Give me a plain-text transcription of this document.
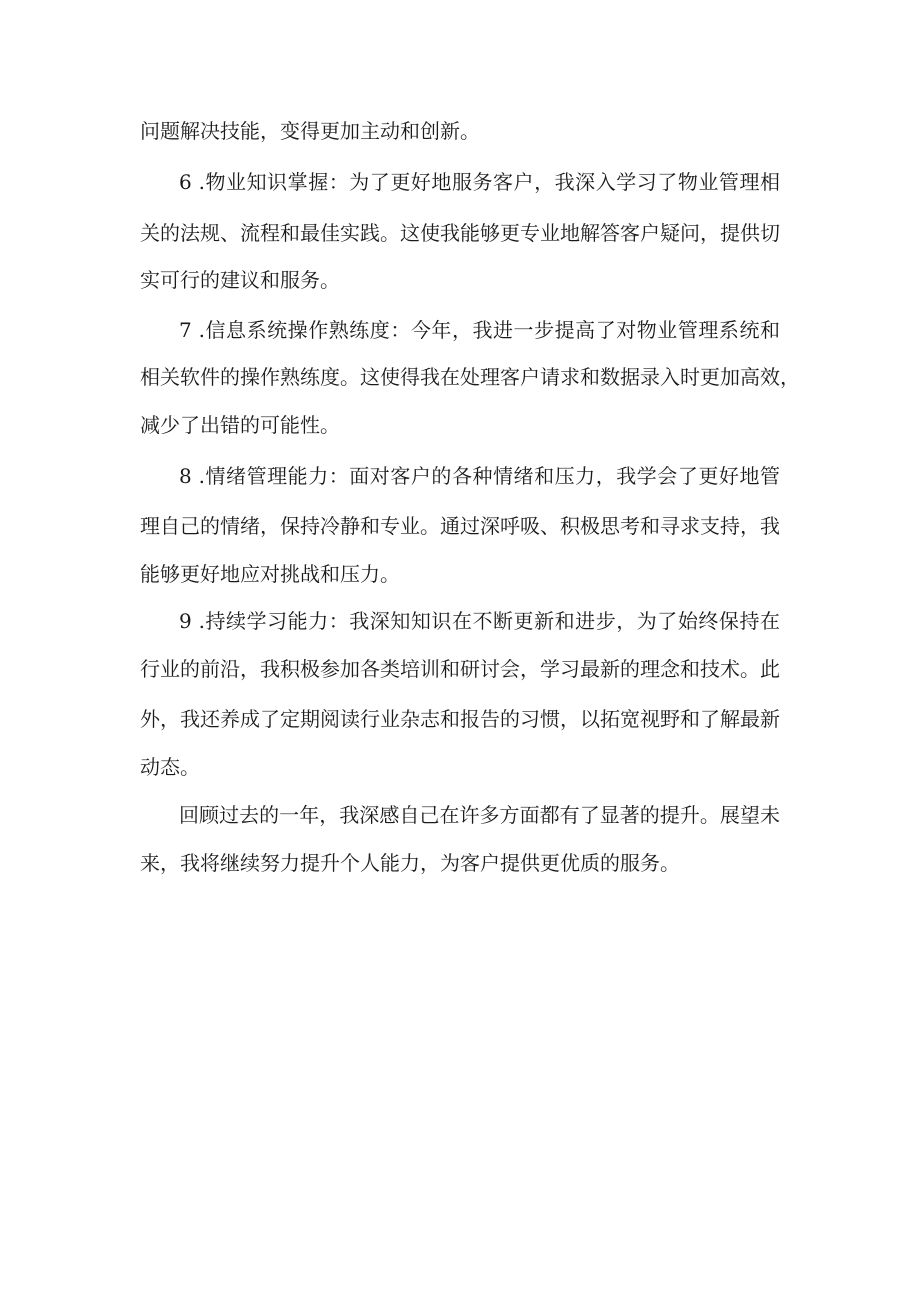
问题解决技能，变得更加主动和创新。
6 .物业知识掌握：为了更好地服务客户，我深入学习了物业管理相
关的法规、流程和最佳实践。这使我能够更专业地解答客户疑问，提供切
实可行的建议和服务。
7 .信息系统操作熟练度：今年，我进一步提高了对物业管理系统和
相关软件的操作熟练度。这使得我在处理客户请求和数据录入时更加高效，
减少了出错的可能性。
8 .情绪管理能力：面对客户的各种情绪和压力，我学会了更好地管
理自己的情绪，保持冷静和专业。通过深呼吸、积极思考和寻求支持，我
能够更好地应对挑战和压力。
9 .持续学习能力：我深知知识在不断更新和进步，为了始终保持在
行业的前沿，我积极参加各类培训和研讨会，学习最新的理念和技术。此
外，我还养成了定期阅读行业杂志和报告的习惯，以拓宽视野和了解最新
动态。
回顾过去的一年，我深感自己在许多方面都有了显著的提升。展望未
来，我将继续努力提升个人能力，为客户提供更优质的服务。
